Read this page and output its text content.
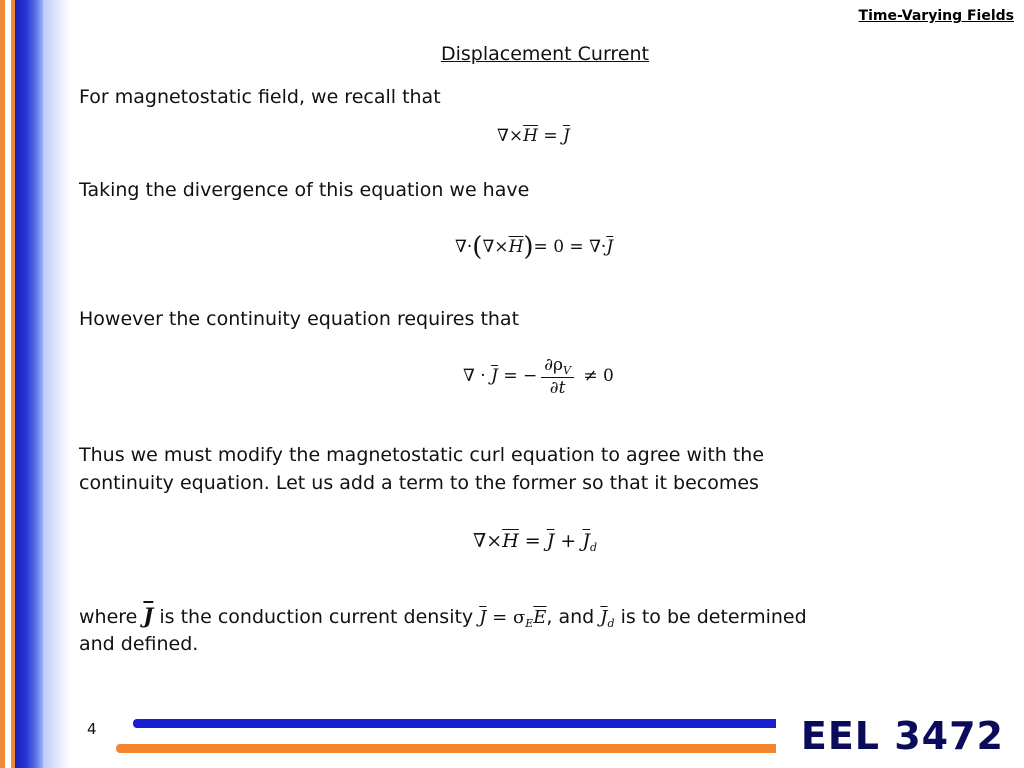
Time-Varying Fields
Displacement Current
For magnetostatic field, we recall that
$\nabla\times\overline{H} = \overline{J}$
Taking the divergence of this equation we have
$\nabla\cdot(\nabla\times\overline{H})= 0 = \nabla\cdot\overline{J}$
However the continuity equation requires that
∇ · $\overline{J}$ = − $\frac{\partial\rho_V}{\partial t} \ne 0$
Thus we must modify the magnetostatic curl equation to agree with the
continuity equation. Let us add a term to the former so that it becomes
$\nabla\times\overline{H} = \overline{J} + \overline{J}_d$
where $\overline{J}$ is the conduction current density $\overline{J} = \sigma_E\overline{E}$, and $\overline{J}_d$ is to be determined
and defined.
4	EEL 3472
